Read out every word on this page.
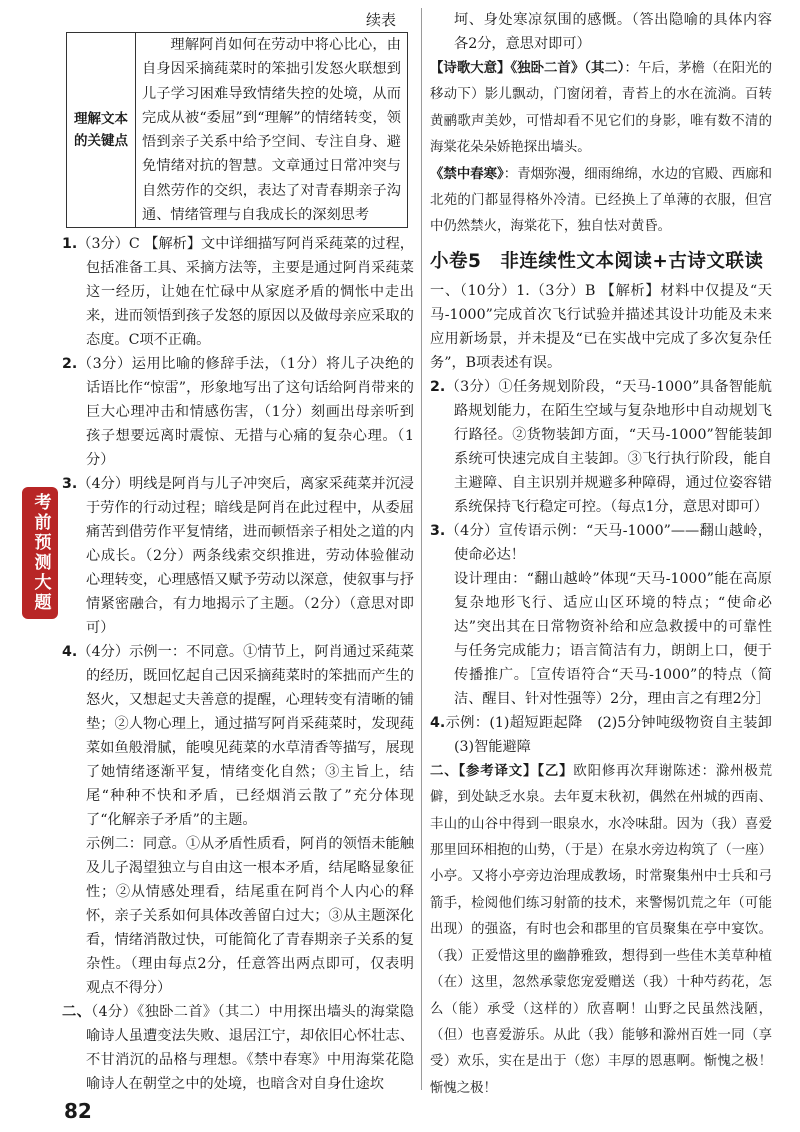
考前预测大题
续表
理解文本的关键点	理解阿肖如何在劳动中将心比心，由自身因采摘莼菜时的笨拙引发怒火联想到儿子学习困难导致情绪失控的处境，从而完成从被“委屈”到“理解”的情绪转变，领悟到亲子关系中给予空间、专注自身、避免情绪对抗的智慧。文章通过日常冲突与自然劳作的交织，表达了对青春期亲子沟通、情绪管理与自我成长的深刻思考

1.（3分）C 【解析】文中详细描写阿肖采莼菜的过程，包括准备工具、采摘方法等，主要是通过阿肖采莼菜这一经历，让她在忙碌中从家庭矛盾的惆怅中走出来，进而领悟到孩子发怒的原因以及做母亲应采取的态度。C项不正确。

2.（3分）运用比喻的修辞手法，（1分）将儿子决绝的话语比作“惊雷”，形象地写出了这句话给阿肖带来的巨大心理冲击和情感伤害，（1分）刻画出母亲听到孩子想要远离时震惊、无措与心痛的复杂心理。（1分）

3.（4分）明线是阿肖与儿子冲突后，离家采莼菜并沉浸于劳作的行动过程；暗线是阿肖在此过程中，从委屈痛苦到借劳作平复情绪，进而顿悟亲子相处之道的内心成长。（2分）两条线索交织推进，劳动体验催动心理转变，心理感悟又赋予劳动以深意，使叙事与抒情紧密融合，有力地揭示了主题。（2分）（意思对即可）

4.（4分）示例一：不同意。①情节上，阿肖通过采莼菜的经历，既回忆起自己因采摘莼菜时的笨拙而产生的怒火，又想起丈夫善意的提醒，心理转变有清晰的铺垫；②人物心理上，通过描写阿肖采莼菜时，发现莼菜如鱼般滑腻，能嗅见莼菜的水草清香等描写，展现了她情绪逐渐平复，情绪变化自然；③主旨上，结尾“种种不快和矛盾，已经烟消云散了”充分体现了“化解亲子矛盾”的主题。

示例二：同意。①从矛盾性质看，阿肖的领悟未能触及儿子渴望独立与自由这一根本矛盾，结尾略显象征性；②从情感处理看，结尾重在阿肖个人内心的释怀，亲子关系如何具体改善留白过大；③从主题深化看，情绪消散过快，可能简化了青春期亲子关系的复杂性。（理由每点2分，任意答出两点即可，仅表明观点不得分）

二、（4分）《独卧二首》（其二）中用探出墙头的海棠隐喻诗人虽遭变法失败、退居江宁，却依旧心怀壮志、不甘消沉的品格与理想。《禁中春寒》中用海棠花隐喻诗人在朝堂之中的处境，也暗含对自身仕途坎

坷、身处寒凉氛围的感慨。（答出隐喻的具体内容各2分，意思对即可）

【诗歌大意】《独卧二首》（其二）：午后，茅檐（在阳光的移动下）影儿飘动，门窗闭着，青苔上的水在流淌。百转黄鹂歌声美妙，可惜却看不见它们的身影，唯有数不清的海棠花朵朵娇艳探出墙头。

《禁中春寒》：青烟弥漫，细雨绵绵，水边的官殿、西廊和北苑的门都显得格外冷清。已经换上了单薄的衣服，但宫中仍然禁火，海棠花下，独自怯对黄昏。

小卷5　非连续性文本阅读+古诗文联读

一、（10分）1.（3分）B 【解析】材料中仅提及“天马-1000”完成首次飞行试验并描述其设计功能及未来应用新场景，并未提及“已在实战中完成了多次复杂任务”，B项表述有误。

2.（3分）①任务规划阶段，“天马-1000”具备智能航路规划能力，在陌生空域与复杂地形中自动规划飞行路径。②货物装卸方面，“天马-1000”智能装卸系统可快速完成自主装卸。③飞行执行阶段，能自主避障、自主识别并规避多种障碍，通过位姿容错系统保持飞行稳定可控。（每点1分，意思对即可）

3.（4分）宣传语示例：“天马-1000”——翻山越岭，使命必达！

设计理由：“翻山越岭”体现“天马-1000”能在高原复杂地形飞行、适应山区环境的特点；“使命必达”突出其在日常物资补给和应急救援中的可靠性与任务完成能力；语言简洁有力，朗朗上口，便于传播推广。［宣传语符合“天马-1000”的特点（简洁、醒目、针对性强等）2分，理由言之有理2分］

4.示例：(1)超短距起降　(2)5分钟吨级物资自主装卸　(3)智能避障

二、【参考译文】【乙】欧阳修再次拜谢陈述：滁州极荒僻，到处缺乏水泉。去年夏末秋初，偶然在州城的西南、丰山的山谷中得到一眼泉水，水冷味甜。因为（我）喜爱那里回环相抱的山势，（于是）在泉水旁边构筑了（一座）小亭。又将小亭旁边治理成教场，时常聚集州中士兵和弓箭手，检阅他们练习射箭的技术，来警惕饥荒之年（可能出现）的强盗，有时也会和郡里的官员聚集在亭中宴饮。（我）正爱惜这里的幽静雅致，想得到一些佳木美草种植（在）这里，忽然承蒙您宠爱赠送（我）十种芍药花，怎么（能）承受（这样的）欣喜啊！山野之民虽然浅陋，（但）也喜爱游乐。从此（我）能够和滁州百姓一同（享受）欢乐，实在是出于（您）丰厚的恩惠啊。惭愧之极！惭愧之极！

82
